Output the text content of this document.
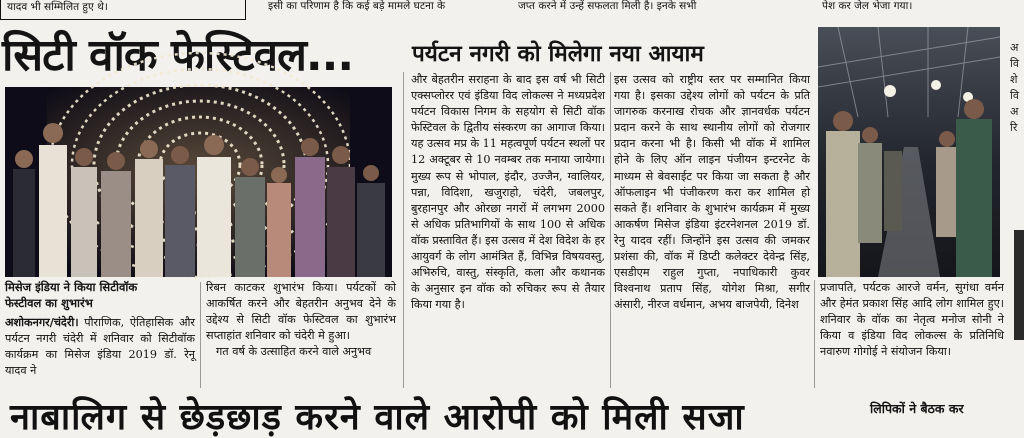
यादव भी सम्मिलित हुए थे।	इसी का परिणाम है कि कई बड़े मामले घटना के	जप्त करने में उन्हें सफलता मिली है। इनके सभी	पेश कर जेल भेजा गया।
सिटी वॉक फेस्टिवल...	पर्यटन नगरी को मिलेगा नया आयाम
मिसेज इंडिया ने किया सिटीवॉक
फेस्टीवल का शुभारंभ

अशोकनगर/चंदेरी। पौराणिक, ऐतिहासिक और पर्यटन नगरी चंदेरी में शनिवार को सिटीवॉक कार्यक्रम का मिसेज इंडिया 2019 डॉ. रेनू यादव ने

रिबन काटकर शुभारंभ किया। पर्यटकों को आकर्षित करने और बेहतरीन अनुभव देने के उद्देश्य से सिटी वॉक फेस्टिवल का शुभारंभ सप्ताहांत शनिवार को चंदेरी मे हुआ।

गत वर्ष के उत्साहित करने वाले अनुभव

और बेहतरीन सराहना के बाद इस वर्ष भी सिटी एक्सप्लोरर एवं इंडिया विद लोकल्स ने मध्यप्रदेश पर्यटन विकास निगम के सहयोग से सिटी वॉक फेस्टिवल के द्वितीय संस्करण का आगाज किया। यह उत्सव मप्र के 11 महत्वपूर्ण पर्यटन स्थलों पर 12 अक्टूबर से 10 नवम्बर तक मनाया जायेगा। मुख्य रूप से भोपाल, इंदौर, उज्जैन, ग्वालियर, पन्ना, विदिशा, खजुराहो, चंदेरी, जबलपुर, बुरहानपुर और ओरछा नगरों में लगभग 2000 से अधिक प्रतिभागियों के साथ 100 से अधिक वॉक प्रस्तावित हैं। इस उत्सव में देश विदेश के हर आयुवर्ग के लोग आमंत्रित हैं, विभिन्न विषयवस्तु, अभिरुचि, वास्तु, संस्कृति, कला और कथानक के अनुसार इन वॉक को रुचिकर रूप से तैयार किया गया है।

इस उत्सव को राष्ट्रीय स्तर पर सम्मानित किया गया है। इसका उद्देश्य लोगों को पर्यटन के प्रति जागरुक करनाख रोचक और ज्ञानवर्धक पर्यटन प्रदान करने के साथ स्थानीय लोगों को रोजगार प्रदान करना भी है। किसी भी वॉक में शामिल होने के लिए ऑन लाइन पंजीयन इन्टरनेट के माध्यम से बेवसाईट पर किया जा सकता है और ऑफलाइन भी पंजीकरण करा कर शामिल हो सकते हैं। शनिवार के शुभारंभ कार्यक्रम में मुख्य आकर्षण मिसेज इंडिया इंटरनेशनल 2019 डॉ. रेनु यादव रहीं। जिन्होंने इस उत्सव की जमकर प्रशंसा की, वॉक में डिप्टी कलेक्टर देवेन्द्र सिंह, एसडीएम राहुल गुप्ता, नपाधिकारी कुवर विश्वनाथ प्रताप सिंह, योगेश मिश्रा, सगीर अंसारी, नीरज वर्धमान, अभय बाजपेयी, दिनेश

प्रजापति, पर्यटक आरजे वर्मन, सुगंधा वर्मन और हेमंत प्रकाश सिंह आदि लोग शामिल हुए। शनिवार के वॉक का नेतृत्व मनोज सोनी ने किया व इंडिया विद लोकल्स के प्रतिनिधि नवारुण गोगोई ने संयोजन किया।

अ वि शे वि अ रि
नाबालिग से छेड़छाड़ करने वाले आरोपी को मिली सजा	लिपिकों ने बैठक कर
